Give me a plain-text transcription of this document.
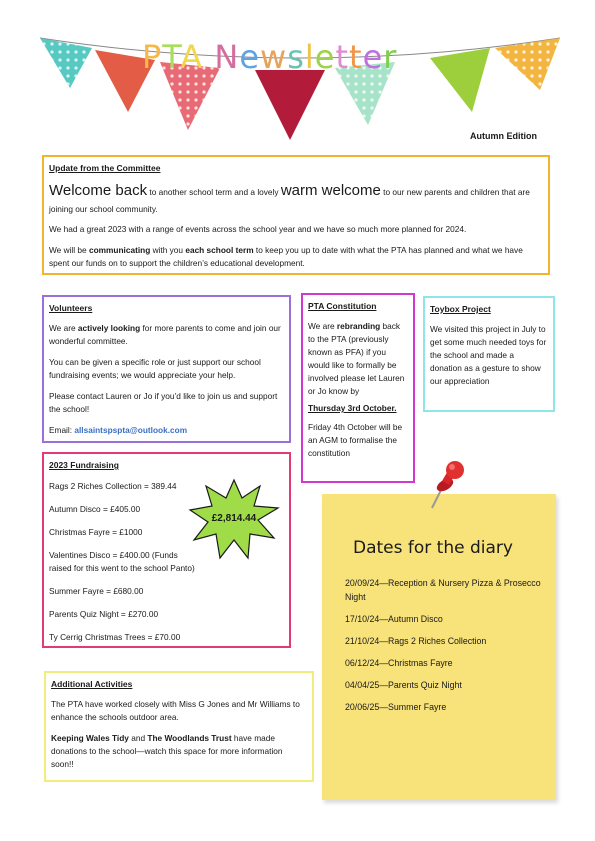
PTA Newsletter
Autumn Edition
Update from the Committee

Welcome back to another school term and a lovely warm welcome to our new parents and children that are joining our school community.

We had a great 2023 with a range of events across the school year and we have so much more planned for 2024.

We will be communicating with you each school term to keep you up to date with what the PTA has planned and what we have spent our funds on to support the children’s educational development.

Volunteers

We are actively looking for more parents to come and join our wonderful committee.

You can be given a specific role or just support our school fundraising events; we would appreciate your help.

Please contact Lauren or Jo if you’d like to join us and support the school!

Email: allsaintspspta@outlook.com

PTA Constitution

We are rebranding back to the PTA (previously known as PFA) if you would like to formally be involved please let Lauren or Jo know by

Thursday 3rd October.

Friday 4th October will be an AGM to formalise the constitution

Toybox Project

We visited this project in July to get some much needed toys for the school and made a donation as a gesture to show our appreciation

2023 Fundraising
Rags 2 Riches Collection = 389.44
Autumn Disco = £405.00
Christmas Fayre = £1000
Valentines Disco = £400.00 (Funds raised for this went to the school Panto)
Summer Fayre = £680.00
Parents Quiz Night = £270.00
Ty Cerrig Christmas Trees = £70.00
£2,814.44
Additional Activities

The PTA have worked closely with Miss G Jones and Mr Williams to enhance the schools outdoor area.

Keeping Wales Tidy and The Woodlands Trust have made donations to the school—watch this space for more information soon!!

Dates for the diary
20/09/24—Reception & Nursery Pizza & Prosecco Night
17/10/24—Autumn Disco
21/10/24—Rags 2 Riches Collection
06/12/24—Christmas Fayre
04/04/25—Parents Quiz Night
20/06/25—Summer Fayre
